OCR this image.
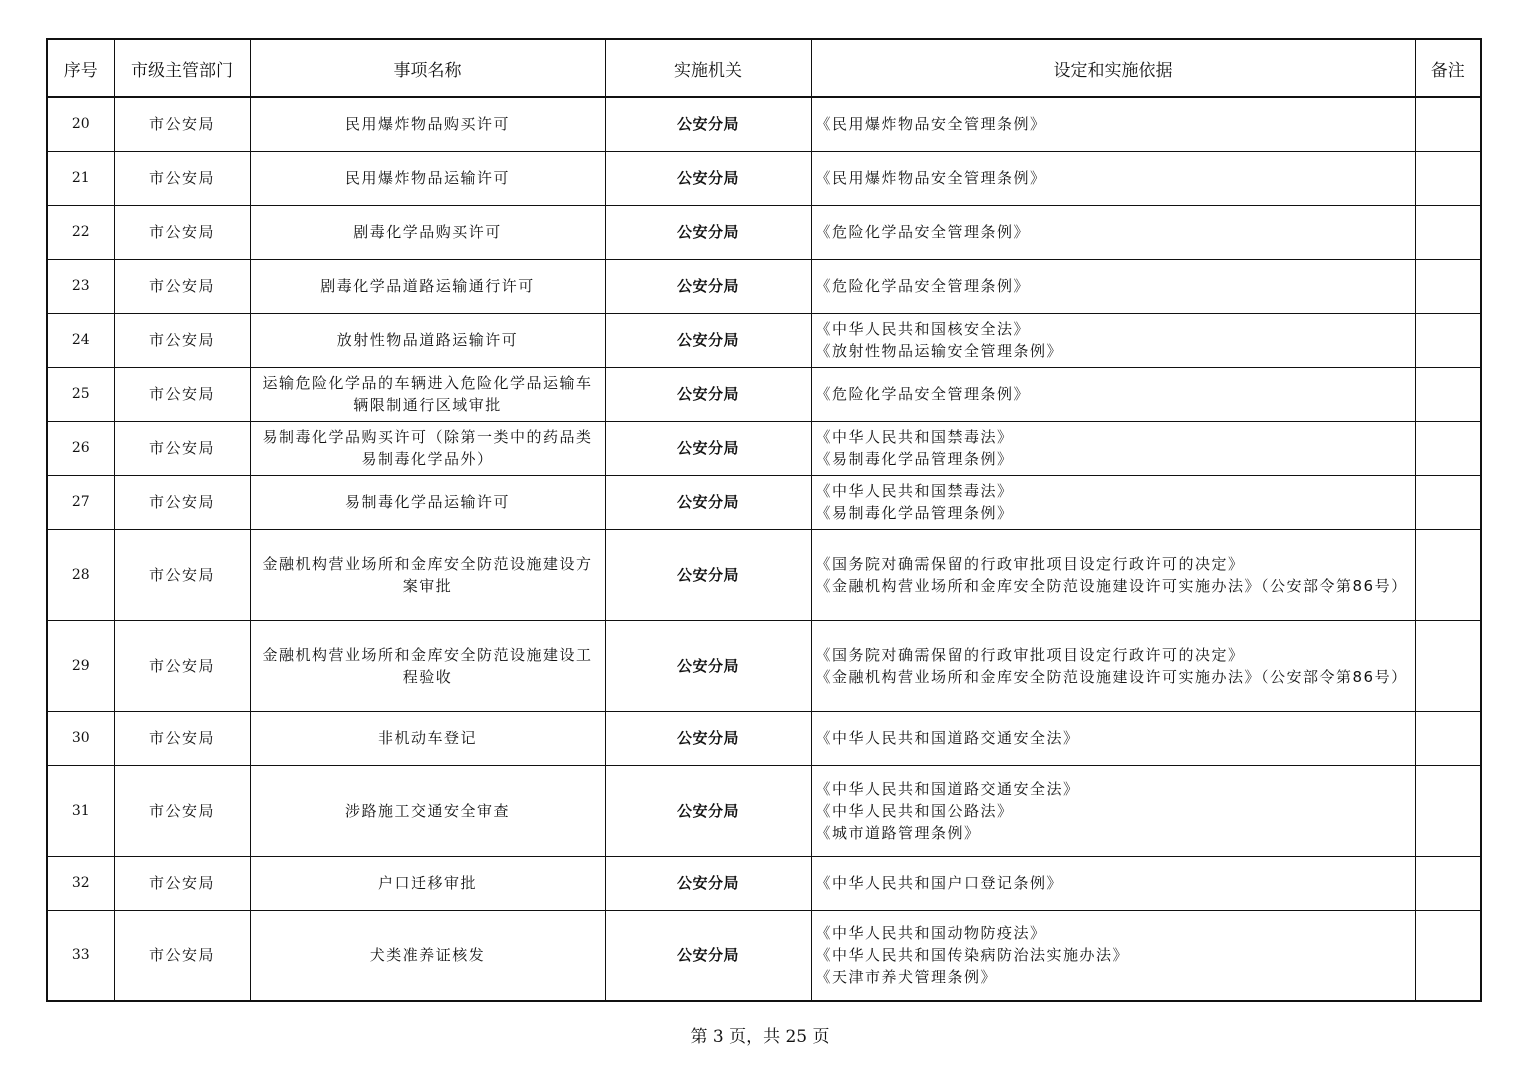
序号	市级主管部门	事项名称	实施机关	设定和实施依据	备注
20	市公安局	民用爆炸物品购买许可	公安分局	《民用爆炸物品安全管理条例》	

21	市公安局	民用爆炸物品运输许可	公安分局	《民用爆炸物品安全管理条例》	

22	市公安局	剧毒化学品购买许可	公安分局	《危险化学品安全管理条例》	

23	市公安局	剧毒化学品道路运输通行许可	公安分局	《危险化学品安全管理条例》	

24	市公安局	放射性物品道路运输许可	公安分局	《中华人民共和国核安全法》
《放射性物品运输安全管理条例》	

25	市公安局	运输危险化学品的车辆进入危险化学品运输车辆限制通行区域审批	公安分局	《危险化学品安全管理条例》	

26	市公安局	易制毒化学品购买许可（除第一类中的药品类易制毒化学品外）	公安分局	《中华人民共和国禁毒法》
《易制毒化学品管理条例》	

27	市公安局	易制毒化学品运输许可	公安分局	《中华人民共和国禁毒法》
《易制毒化学品管理条例》	

28	市公安局	金融机构营业场所和金库安全防范设施建设方案审批	公安分局	《国务院对确需保留的行政审批项目设定行政许可的决定》
《金融机构营业场所和金库安全防范设施建设许可实施办法》（公安部令第86号）	

29	市公安局	金融机构营业场所和金库安全防范设施建设工程验收	公安分局	《国务院对确需保留的行政审批项目设定行政许可的决定》
《金融机构营业场所和金库安全防范设施建设许可实施办法》（公安部令第86号）	

30	市公安局	非机动车登记	公安分局	《中华人民共和国道路交通安全法》	

31	市公安局	涉路施工交通安全审查	公安分局	《中华人民共和国道路交通安全法》
《中华人民共和国公路法》
《城市道路管理条例》	

32	市公安局	户口迁移审批	公安分局	《中华人民共和国户口登记条例》	

33	市公安局	犬类准养证核发	公安分局	《中华人民共和国动物防疫法》
《中华人民共和国传染病防治法实施办法》
《天津市养犬管理条例》	

第 3 页，共 25 页
